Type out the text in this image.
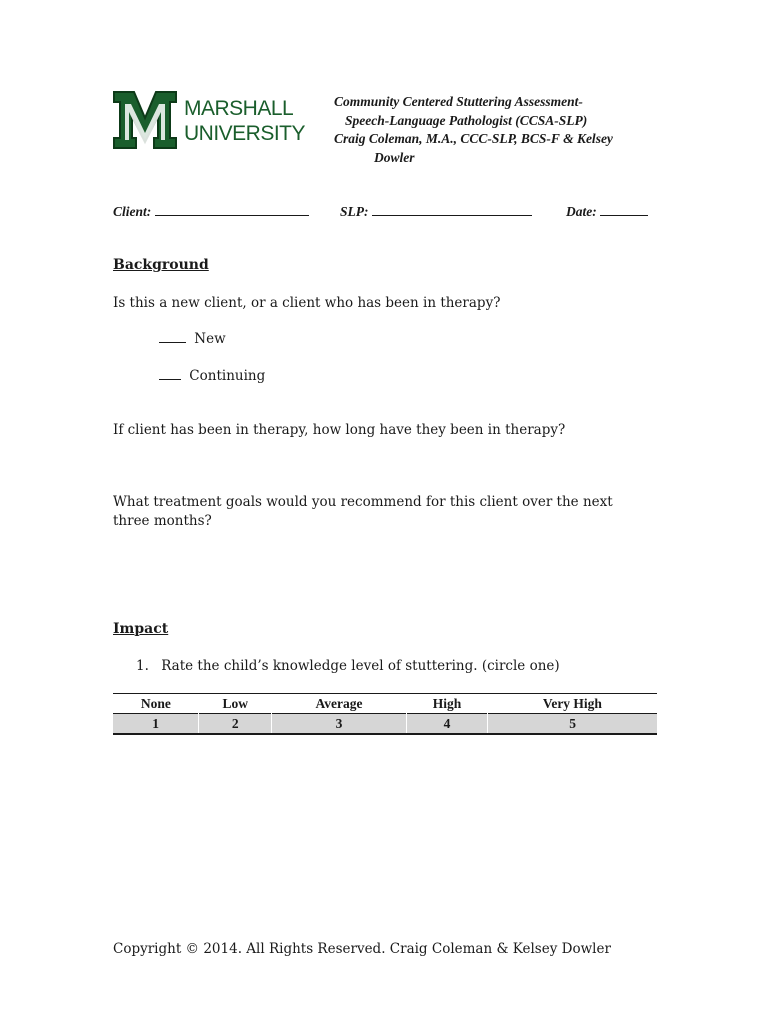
MARSHALL
UNIVERSITY
Community Centered Stuttering Assessment-
Speech-Language Pathologist (CCSA-SLP)
Craig Coleman, M.A., CCC-SLP, BCS-F & Kelsey
Dowler
Client:	SLP:	Date:
Background
Is this a new client, or a client who has been in therapy?
New
Continuing
If client has been in therapy, how long have they been in therapy?
What treatment goals would you recommend for this client over the next three months?
Impact
1. Rate the child’s knowledge level of stuttering. (circle one)
None	Low	Average	High	Very High
1	2	3	4	5
Copyright © 2014. All Rights Reserved. Craig Coleman & Kelsey Dowler
